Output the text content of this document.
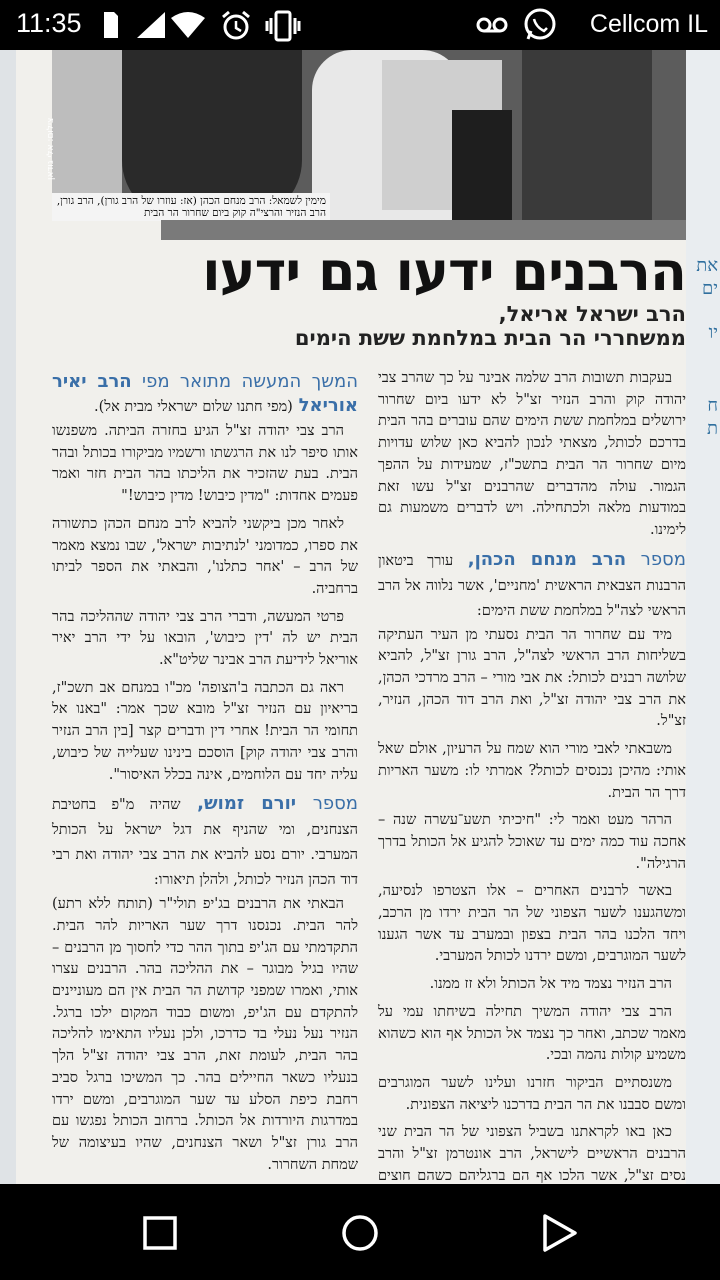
11:35	Cellcom IL
צילום: אלי גודאן
מימין לשמאל: הרב מנחם הכהן (אז: עוזרו של הרב גורן), הרב גורן, הרב הנזיר והרצי"ה קוק ביום שחרור הר הבית
הרבנים ידעו גם ידעו
הרב ישראל אריאל,
ממשחררי הר הבית במלחמת ששת הימים

בעקבות תשובות הרב שלמה אבינר על כך שהרב צבי יהודה קוק והרב הנזיר זצ"ל לא ידעו ביום שחרור ירושלים במלחמת ששת הימים שהם עוברים בהר הבית בדרכם לכותל, מצאתי לנכון להביא כאן שלוש עדויות מיום שחרור הר הבית בתשכ"ז, שמעידות על ההפך הגמור. עולה מהדברים שהרבנים זצ"ל עשו זאת במודעות מלאה ולכתחילה. ויש לדברים משמעות גם לימינו.

מספר הרב מנחם הכהן, עורך ביטאון הרבנות הצבאית הראשית 'מחניים', אשר נלווה אל הרב הראשי לצה"ל במלחמת ששת הימים:

מיד עם שחרור הר הבית נסעתי מן העיר העתיקה בשליחות הרב הראשי לצה"ל, הרב גורן זצ"ל, להביא שלושה רבנים לכותל: את אבי מורי – הרב מרדכי הכהן, את הרב צבי יהודה זצ"ל, ואת הרב דוד הכהן, הנזיר, זצ"ל.

משבאתי לאבי מורי הוא שמח על הרעיון, אולם שאל אותי: מהיכן נכנסים לכותל? אמרתי לו: משער האריות דרך הר הבית.

הרהר מעט ואמר לי: "חיכיתי תשע־עשרה שנה – אחכה עוד כמה ימים עד שאוכל להגיע אל הכותל בדרך הרגילה".

באשר לרבנים האחרים – אלו הצטרפו לנסיעה, ומשהגענו לשער הצפוני של הר הבית ירדו מן הרכב, ויחד הלכנו בהר הבית בצפון ובמערב עד אשר הגענו לשער המוגרבים, ומשם ירדנו לכותל המערבי.

הרב הנזיר נצמד מיד אל הכותל ולא זז ממנו.

הרב צבי יהודה המשיך תחילה בשיחתו עמי על מאמר שכתב, ואחר כך נצמד אל הכותל אף הוא כשהוא משמיע קולות נהמה ובכי.

משנסתיים הביקור חזרנו ועלינו לשער המוגרבים ומשם סבבנו את הר הבית בדרכנו ליציאה הצפונית.

כאן באו לקראתנו בשביל הצפוני של הר הבית שני הרבנים הראשיים לישראל, הרב אונטרמן זצ"ל והרב נסים זצ"ל, אשר הלכו אף הם ברגליהם כשהם חוצים

המשך המעשה מתואר מפי הרב יאיר אוריאל (מפי חתנו שלום ישראלי מבית אל).

הרב צבי יהודה זצ"ל הגיע בחזרה הביתה. משפנשו אותו סיפר לנו את הרגשתו ורשמיו מביקורו בכותל ובהר הבית. בעת שהזכיר את הליכתו בהר הבית חזר ואמר פעמים אחדות: "מדין כיבוש! מדין כיבוש!"

לאחר מכן ביקשני להביא לרב מנחם הכהן כתשורה את ספרו, כמדומני 'לנתיבות ישראל', שבו נמצא מאמר של הרב – 'אחר כתלנו', והבאתי את הספר לביתו ברחביה.

פרטי המעשה, ודברי הרב צבי יהודה שההליכה בהר הבית יש לה 'דין כיבוש', הובאו על ידי הרב יאיר אוריאל לידיעת הרב אבינר שליט"א.

ראה גם הכתבה ב'הצופה' מכ"ו במנחם אב תשכ"ז, בריאיון עם הנזיר זצ"ל מובא שכך אמר: "באנו אל תחומי הר הבית! אחרי דין ודברים קצר [בין הרב הנזיר והרב צבי יהודה קוק] הוסכם בינינו שעלייה של כיבוש, עליה יחד עם הלוחמים, אינה בכלל האיסור".

מספר יורם זמוש, שהיה מ"פ בחטיבת הצנחנים, ומי שהניף את דגל ישראל על הכותל המערבי. יורם נסע להביא את הרב צבי יהודה ואת רבי דוד הכהן הנזיר לכותל, ולהלן תיאורו:

הבאתי את הרבנים בג'יפ תולי"ר (תותח ללא רתע) להר הבית. נכנסנו דרך שער האריות להר הבית. התקדמתי עם הג'יפ בתוך ההר כדי לחסוך מן הרבנים – שהיו בגיל מבוגר – את ההליכה בהר. הרבנים עצרו אותי, ואמרו שמפני קדושת הר הבית אין הם מעוניינים להתקדם עם הג'יפ, ומשום כבוד המקום ילכו ברגל. הנזיר נעל נעלי בד כדרכו, ולכן נעליו התאימו להליכה בהר הבית, לעומת זאת, הרב צבי יהודה זצ"ל הלך בנעליו כשאר החיילים בהר. כך המשיכו ברגל סביב רחבת כיפת הסלע עד שער המוגרבים, ומשם ירדו במדרגות היורדות אל הכותל. ברחוב הכותל נפגשו עם הרב גורן זצ"ל ושאר הצנחנים, שהיו בעיצומה של שמחת השחרור.

את
ים
יו
ח
ת
